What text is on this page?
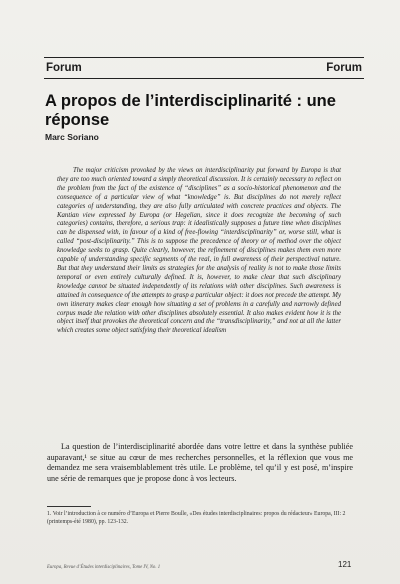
Forum	Forum
A propos de l’interdisciplinarité : une réponse
Marc Soriano

The major criticism provoked by the views on interdisciplinarity put forward by Europa is that they are too much oriented toward a simply theoretical discussion. It is certainly necessary to reflect on the problem from the fact of the existence of “disciplines” as a socio-historical phenomenon and the consequence of a particular view of what “knowledge” is. But disciplines do not merely reflect categories of understanding, they are also fully articulated with concrete practices and objects. The Kantian view expressed by Europa (or Hegelian, since it does recognize the becoming of such categories) contains, therefore, a serious trap: it idealistically supposes a future time when disciplines can be dispensed with, in favour of a kind of free-flowing “interdisciplinarity” or, worse still, what is called “post-disciplinarity.” This is to suppose the precedence of theory or of method over the object knowledge seeks to grasp. Quite clearly, however, the refinement of disciplines makes them even more capable of understanding specific segments of the real, in full awareness of their perspectival nature. But that they understand their limits as strategies for the analysis of reality is not to make those limits temporal or even entirely culturally defined. It is, however, to make clear that such disciplinary knowledge cannot be situated independently of its relations with other disciplines. Such awareness is attained in consequence of the attempts to grasp a particular object: it does not precede the attempt. My own itinerary makes clear enough how situating a set of problems in a carefully and narrowly defined corpus made the relation with other disciplines absolutely essential. It also makes evident how it is the object itself that provokes the theoretical concern and the “transdisciplinarity,” and not at all the latter which creates some object satisfying their theoretical idealism

La question de l’interdisciplinarité abordée dans votre lettre et dans la synthèse publiée auparavant,¹ se situe au cœur de mes recherches personnelles, et la réflexion que vous me demandez me sera vraisemblablement très utile. Le problème, tel qu’il y est posé, m’inspire une série de remarques que je propose donc à vos lecteurs.

1. Voir l’introduction à ce numéro d’Europa et Pierre Boulle, «Des études interdisciplinaires: propos du rédacteur» Europa, III: 2 (printemps-été 1980), pp. 123-132.

Europa, Revue d’Études interdisciplinaires, Tome IV, No. 1	121
